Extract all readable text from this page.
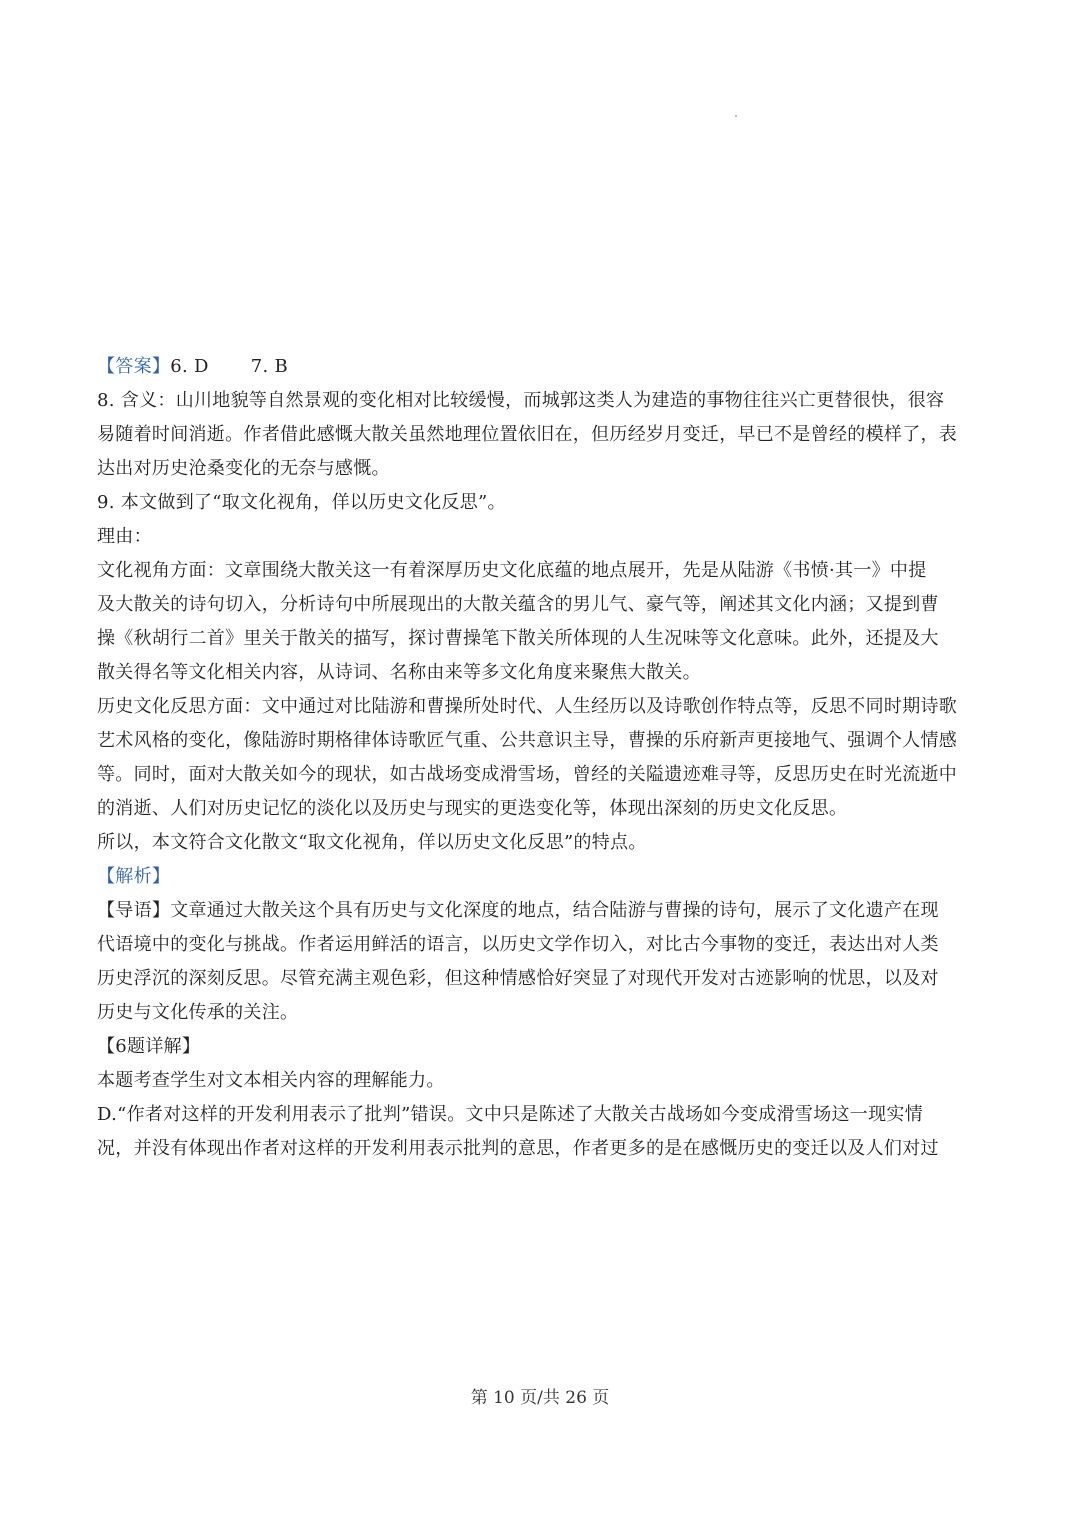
【答案】6. D 7. B
8. 含义：山川地貌等自然景观的变化相对比较缓慢，而城郭这类人为建造的事物往往兴亡更替很快，很容
易随着时间消逝。作者借此感慨大散关虽然地理位置依旧在，但历经岁月变迁，早已不是曾经的模样了，表
达出对历史沧桑变化的无奈与感慨。
9. 本文做到了“取文化视角，佯以历史文化反思”。
理由：
文化视角方面：文章围绕大散关这一有着深厚历史文化底蕴的地点展开，先是从陆游《书愤·其一》中提
及大散关的诗句切入，分析诗句中所展现出的大散关蕴含的男儿气、豪气等，阐述其文化内涵；又提到曹
操《秋胡行二首》里关于散关的描写，探讨曹操笔下散关所体现的人生况味等文化意味。此外，还提及大
散关得名等文化相关内容，从诗词、名称由来等多文化角度来聚焦大散关。
历史文化反思方面：文中通过对比陆游和曹操所处时代、人生经历以及诗歌创作特点等，反思不同时期诗歌
艺术风格的变化，像陆游时期格律体诗歌匠气重、公共意识主导，曹操的乐府新声更接地气、强调个人情感
等。同时，面对大散关如今的现状，如古战场变成滑雪场，曾经的关隘遗迹难寻等，反思历史在时光流逝中
的消逝、人们对历史记忆的淡化以及历史与现实的更迭变化等，体现出深刻的历史文化反思。
所以，本文符合文化散文“取文化视角，佯以历史文化反思”的特点。
【解析】
【导语】文章通过大散关这个具有历史与文化深度的地点，结合陆游与曹操的诗句，展示了文化遗产在现
代语境中的变化与挑战。作者运用鲜活的语言，以历史文学作切入，对比古今事物的变迁，表达出对人类
历史浮沉的深刻反思。尽管充满主观色彩，但这种情感恰好突显了对现代开发对古迹影响的忧思，以及对
历史与文化传承的关注。
【6题详解】
本题考查学生对文本相关内容的理解能力。
D.“作者对这样的开发利用表示了批判”错误。文中只是陈述了大散关古战场如今变成滑雪场这一现实情
况，并没有体现出作者对这样的开发利用表示批判的意思，作者更多的是在感慨历史的变迁以及人们对过
第 10 页/共 26 页
